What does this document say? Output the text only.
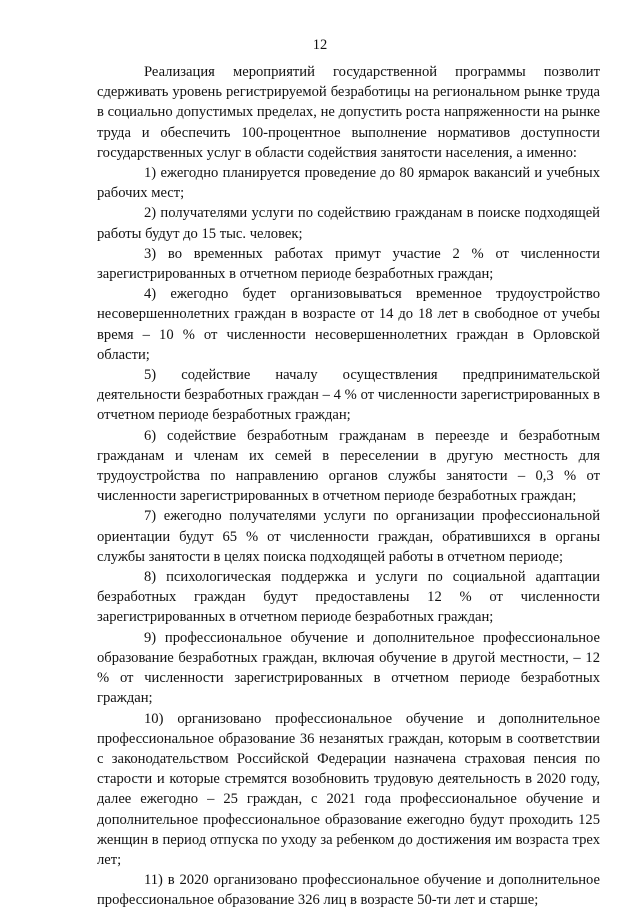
12

Реализация мероприятий государственной программы позволит сдерживать уровень регистрируемой безработицы на региональном рынке труда в социально допустимых пределах, не допустить роста напряженности на рынке труда и обеспечить 100-процентное выполнение нормативов доступности государственных услуг в области содействия занятости населения, а именно:

1) ежегодно планируется проведение до 80 ярмарок вакансий и учебных рабочих мест;

2) получателями услуги по содействию гражданам в поиске подходящей работы будут до 15 тыс. человек;

3) во временных работах примут участие 2 % от численности зарегистрированных в отчетном периоде безработных граждан;

4) ежегодно будет организовываться временное трудоустройство несовершеннолетних граждан в возрасте от 14 до 18 лет в свободное от учебы время – 10 % от численности несовершеннолетних граждан в Орловской области;

5) содействие началу осуществления предпринимательской деятельности безработных граждан – 4 % от численности зарегистрированных в отчетном периоде безработных граждан;

6) содействие безработным гражданам в переезде и безработным гражданам и членам их семей в переселении в другую местность для трудоустройства по направлению органов службы занятости – 0,3 % от численности зарегистрированных в отчетном периоде безработных граждан;

7) ежегодно получателями услуги по организации профессиональной ориентации будут 65 % от численности граждан, обратившихся в органы службы занятости в целях поиска подходящей работы в отчетном периоде;

8) психологическая поддержка и услуги по социальной адаптации безработных граждан будут предоставлены 12 % от численности зарегистрированных в отчетном периоде безработных граждан;

9) профессиональное обучение и дополнительное профессиональное образование безработных граждан, включая обучение в другой местности, – 12 % от численности зарегистрированных в отчетном периоде безработных граждан;

10) организовано профессиональное обучение и дополнительное профессиональное образование 36 незанятых граждан, которым в соответствии с законодательством Российской Федерации назначена страховая пенсия по старости и которые стремятся возобновить трудовую деятельность в 2020 году, далее ежегодно – 25 граждан, с 2021 года профессиональное обучение и дополнительное профессиональное образование ежегодно будут проходить 125 женщин в период отпуска по уходу за ребенком до достижения им возраста трех лет;

11) в 2020 организовано профессиональное обучение и дополнительное профессиональное образование 326 лиц в возрасте 50-ти лет и старше;
